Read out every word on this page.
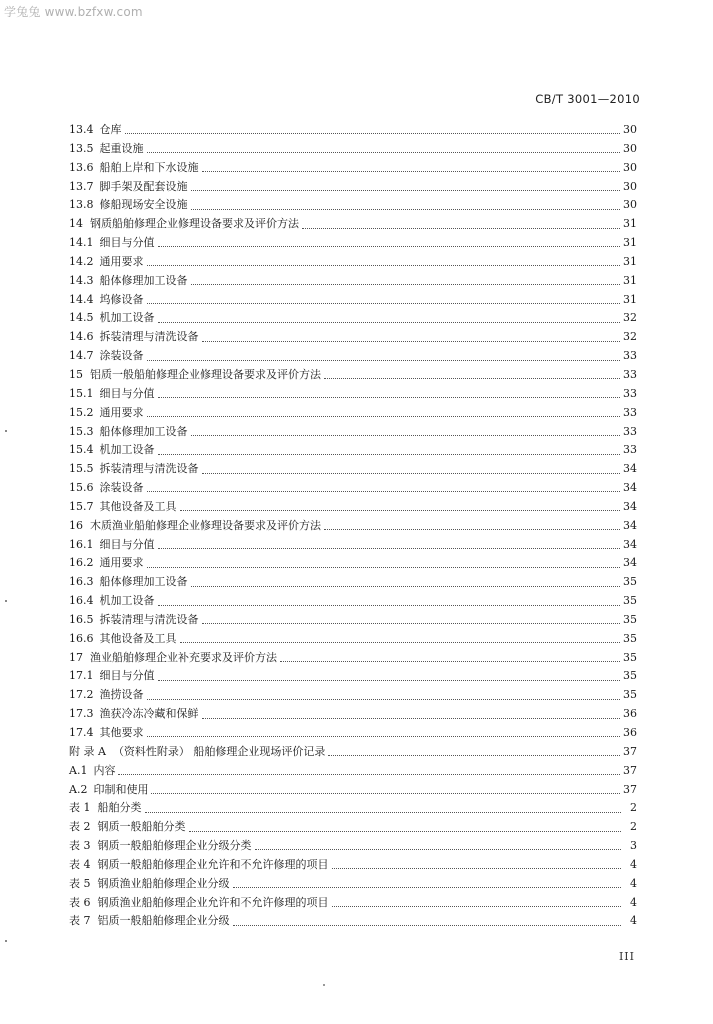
学兔兔 www.bzfxw.com
CB/T 3001—2010
13.4 仓库	30
13.5 起重设施	30
13.6 船舶上岸和下水设施	30
13.7 脚手架及配套设施	30
13.8 修船现场安全设施	30
14 钢质船舶修理企业修理设备要求及评价方法	31
14.1 细目与分值	31
14.2 通用要求	31
14.3 船体修理加工设备	31
14.4 坞修设备	31
14.5 机加工设备	32
14.6 拆装清理与清洗设备	32
14.7 涂装设备	33
15 铝质一般船舶修理企业修理设备要求及评价方法	33
15.1 细目与分值	33
15.2 通用要求	33
15.3 船体修理加工设备	33
15.4 机加工设备	33
15.5 拆装清理与清洗设备	34
15.6 涂装设备	34
15.7 其他设备及工具	34
16 木质渔业船舶修理企业修理设备要求及评价方法	34
16.1 细目与分值	34
16.2 通用要求	34
16.3 船体修理加工设备	35
16.4 机加工设备	35
16.5 拆装清理与清洗设备	35
16.6 其他设备及工具	35
17 渔业船舶修理企业补充要求及评价方法	35
17.1 细目与分值	35
17.2 渔捞设备	35
17.3 渔获冷冻冷藏和保鲜	36
17.4 其他要求	36
附 录 A （资料性附录） 船舶修理企业现场评价记录	37
A.1 内容	37
A.2 印制和使用	37
表 1 船舶分类	2
表 2 钢质一般船舶分类	2
表 3 钢质一般船舶修理企业分级分类	3
表 4 钢质一般船舶修理企业允许和不允许修理的项目	4
表 5 钢质渔业船舶修理企业分级	4
表 6 钢质渔业船舶修理企业允许和不允许修理的项目	4
表 7 铝质一般船舶修理企业分级	4
III
